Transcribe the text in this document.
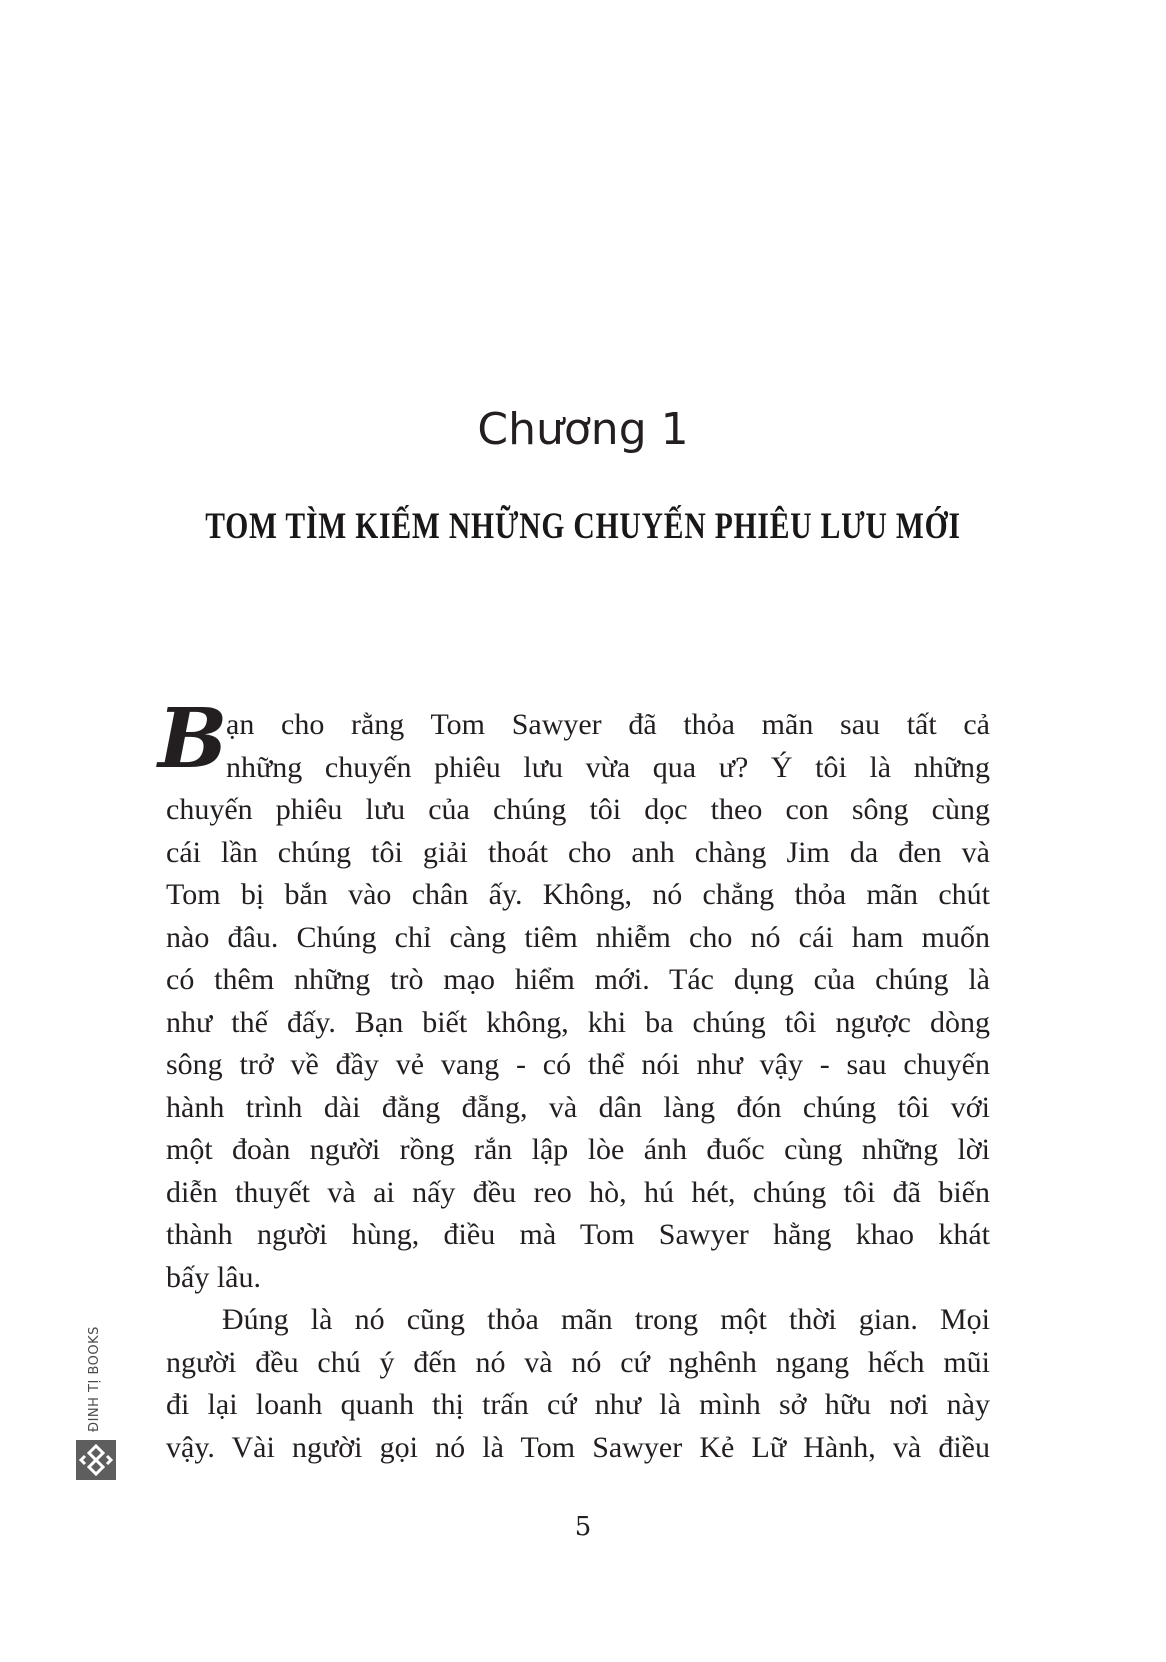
Chương 1
TOM TÌM KIẾM NHỮNG CHUYẾN PHIÊU LƯU MỚI
B
ạn cho rằng Tom Sawyer đã thỏa mãn sau tất cả
những chuyến phiêu lưu vừa qua ư? Ý tôi là những
chuyến phiêu lưu của chúng tôi dọc theo con sông cùng
cái lần chúng tôi giải thoát cho anh chàng Jim da đen và
Tom bị bắn vào chân ấy. Không, nó chẳng thỏa mãn chút
nào đâu. Chúng chỉ càng tiêm nhiễm cho nó cái ham muốn
có thêm những trò mạo hiểm mới. Tác dụng của chúng là
như thế đấy. Bạn biết không, khi ba chúng tôi ngược dòng
sông trở về đầy vẻ vang - có thể nói như vậy - sau chuyến
hành trình dài đằng đẵng, và dân làng đón chúng tôi với
một đoàn người rồng rắn lập lòe ánh đuốc cùng những lời
diễn thuyết và ai nấy đều reo hò, hú hét, chúng tôi đã biến
thành người hùng, điều mà Tom Sawyer hằng khao khát
bấy lâu.
Đúng là nó cũng thỏa mãn trong một thời gian. Mọi
người đều chú ý đến nó và nó cứ nghênh ngang hếch mũi
đi lại loanh quanh thị trấn cứ như là mình sở hữu nơi này
vậy. Vài người gọi nó là Tom Sawyer Kẻ Lữ Hành, và điều
5
ĐINH TỊ BOOKS
